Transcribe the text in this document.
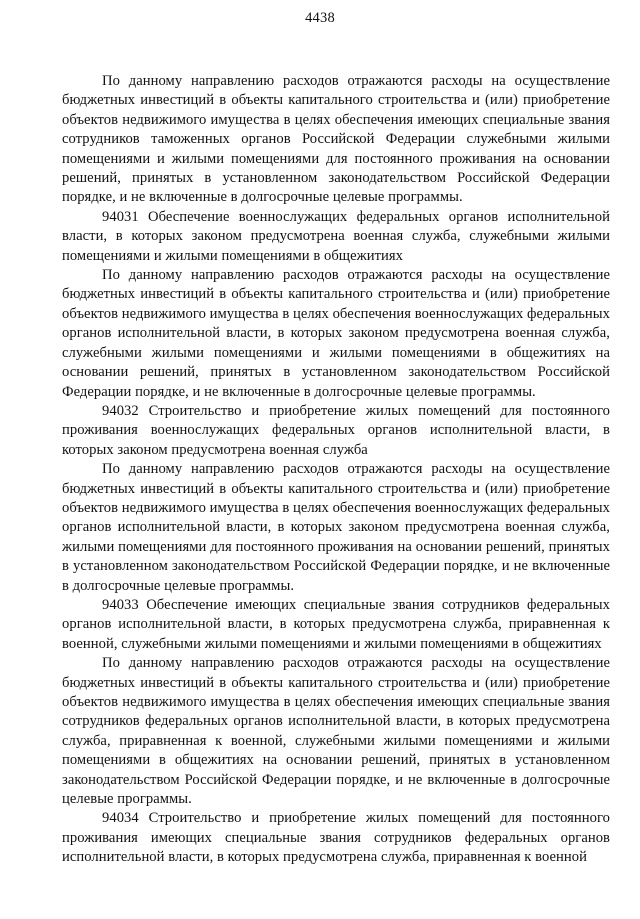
4438

По данному направлению расходов отражаются расходы на осуществление бюджетных инвестиций в объекты капитального строительства и (или) приобретение объектов недвижимого имущества в целях обеспечения имеющих специальные звания сотрудников таможенных органов Российской Федерации служебными жилыми помещениями и жилыми помещениями для постоянного проживания на основании решений, принятых в установленном законодательством Российской Федерации порядке, и не включенные в долгосрочные целевые программы.

94031 Обеспечение военнослужащих федеральных органов исполнительной власти, в которых законом предусмотрена военная служба, служебными жилыми помещениями и жилыми помещениями в общежитиях

По данному направлению расходов отражаются расходы на осуществление бюджетных инвестиций в объекты капитального строительства и (или) приобретение объектов недвижимого имущества в целях обеспечения военнослужащих федеральных органов исполнительной власти, в которых законом предусмотрена военная служба, служебными жилыми помещениями и жилыми помещениями в общежитиях на основании решений, принятых в установленном законодательством Российской Федерации порядке, и не включенные в долгосрочные целевые программы.

94032 Строительство и приобретение жилых помещений для постоянного проживания военнослужащих федеральных органов исполнительной власти, в которых законом предусмотрена военная служба

По данному направлению расходов отражаются расходы на осуществление бюджетных инвестиций в объекты капитального строительства и (или) приобретение объектов недвижимого имущества в целях обеспечения военнослужащих федеральных органов исполнительной власти, в которых законом предусмотрена военная служба, жилыми помещениями для постоянного проживания на основании решений, принятых в установленном законодательством Российской Федерации порядке, и не включенные в долгосрочные целевые программы.

94033 Обеспечение имеющих специальные звания сотрудников федеральных органов исполнительной власти, в которых предусмотрена служба, приравненная к военной, служебными жилыми помещениями и жилыми помещениями в общежитиях

По данному направлению расходов отражаются расходы на осуществление бюджетных инвестиций в объекты капитального строительства и (или) приобретение объектов недвижимого имущества в целях обеспечения имеющих специальные звания сотрудников федеральных органов исполнительной власти, в которых предусмотрена служба, приравненная к военной, служебными жилыми помещениями и жилыми помещениями в общежитиях на основании решений, принятых в установленном законодательством Российской Федерации порядке, и не включенные в долгосрочные целевые программы.

94034 Строительство и приобретение жилых помещений для постоянного проживания имеющих специальные звания сотрудников федеральных органов исполнительной власти, в которых предусмотрена служба, приравненная к военной
